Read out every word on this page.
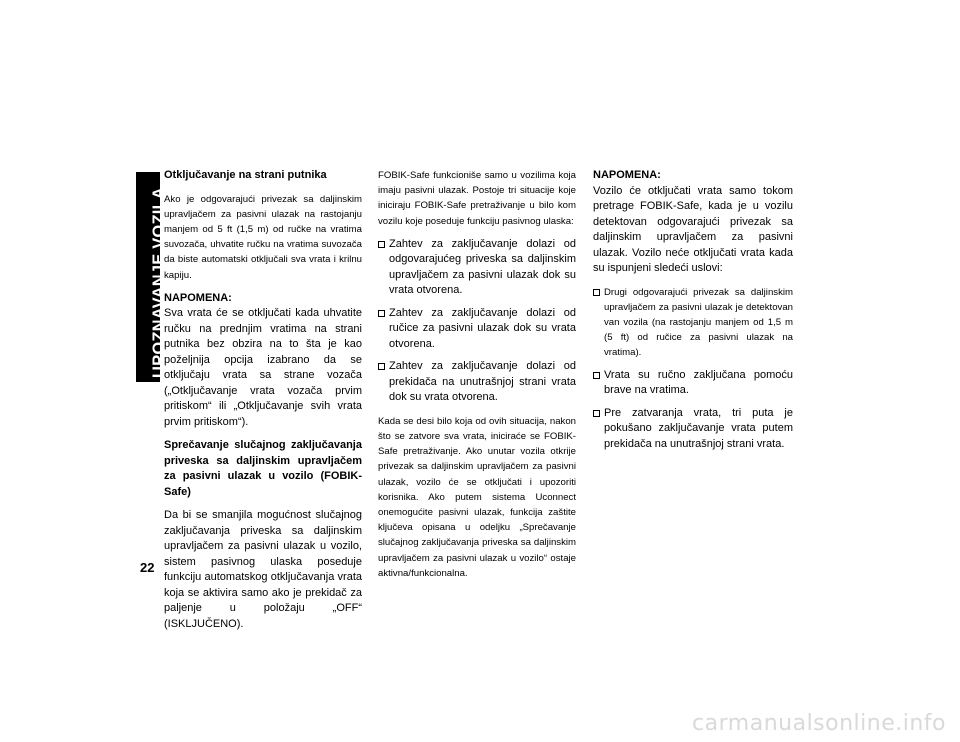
UPOZNAVANJE VOZILA
22
Otključavanje na strani putnika

Ako je odgovarajući privezak sa daljinskim upravljačem za pasivni ulazak na rastojanju manjem od 5 ft (1,5 m) od ručke na vratima suvozača, uhvatite ručku na vratima suvozača da biste automatski otključali sva vrata i krilnu kapiju.

NAPOMENA:

Sva vrata će se otključati kada uhvatite ručku na prednjim vratima na strani putnika bez obzira na to šta je kao poželjnija opcija izabrano da se otključaju vrata sa strane vozača („Otključavanje vrata vozača prvim pritiskom“ ili „Otključavanje svih vrata prvim pritiskom“).

Sprečavanje slučajnog zaključavanja priveska sa daljinskim upravljačem za pasivni ulazak u vozilo (FOBIK-Safe)

Da bi se smanjila mogućnost slučajnog zaključavanja priveska sa daljinskim upravljačem za pasivni ulazak u vozilo, sistem pasivnog ulaska poseduje funkciju automatskog otključavanja vrata koja se aktivira samo ako je prekidač za paljenje u položaju „OFF“ (ISKLJUČENO).

FOBIK-Safe funkcioniše samo u vozilima koja imaju pasivni ulazak. Postoje tri situacije koje iniciraju FOBIK-Safe pretraživanje u bilo kom vozilu koje poseduje funkciju pasivnog ulaska:

Zahtev za zaključavanje dolazi od odgovarajućeg priveska sa daljinskim upravljačem za pasivni ulazak dok su vrata otvorena.
Zahtev za zaključavanje dolazi od ručice za pasivni ulazak dok su vrata otvorena.
Zahtev za zaključavanje dolazi od prekidača na unutrašnjoj strani vrata dok su vrata otvorena.

Kada se desi bilo koja od ovih situacija, nakon što se zatvore sva vrata, iniciraće se FOBIK-Safe pretraživanje. Ako unutar vozila otkrije privezak sa daljinskim upravljačem za pasivni ulazak, vozilo će se otključati i upozoriti korisnika. Ako putem sistema Uconnect onemogućite pasivni ulazak, funkcija zaštite ključeva opisana u odeljku „Sprečavanje slučajnog zaključavanja priveska sa daljinskim upravljačem za pasivni ulazak u vozilo“ ostaje aktivna/funkcionalna.

NAPOMENA:

Vozilo će otključati vrata samo tokom pretrage FOBIK-Safe, kada je u vozilu detektovan odgovarajući privezak sa daljinskim upravljačem za pasivni ulazak. Vozilo neće otključati vrata kada su ispunjeni sledeći uslovi:

Drugi odgovarajući privezak sa daljinskim upravljačem za pasivni ulazak je detektovan van vozila (na rastojanju manjem od 1,5 m (5 ft) od ručice za pasivni ulazak na vratima).
Vrata su ručno zaključana pomoću brave na vratima.
Pre zatvaranja vrata, tri puta je pokušano zaključavanje vrata putem prekidača na unutrašnjoj strani vrata.
carmanualsonline.info
